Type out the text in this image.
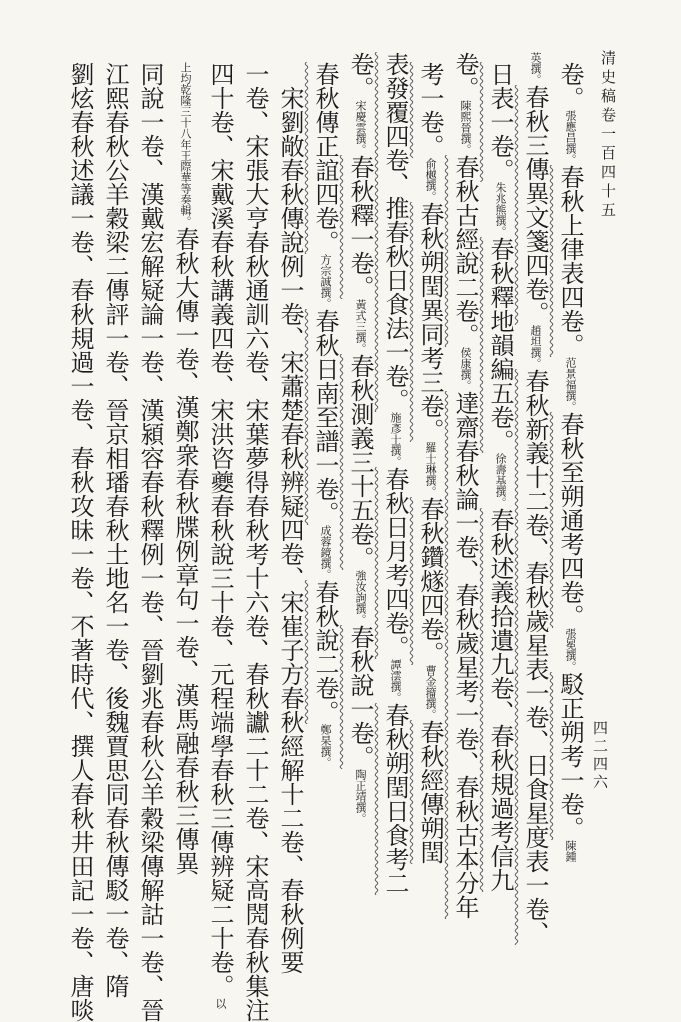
清史稿卷一百四十五
四二四六
卷。張應昌撰。春秋上律表四卷。范景福撰。春秋至朔通考四卷。張冕撰。駁正朔考一卷。陳鍾
英撰。春秋三傳異文箋四卷。趙坦撰。春秋新義十二卷、春秋歲星表一卷、日食星度表一卷、
日表一卷。朱兆熊撰。春秋釋地韻編五卷。徐壽基撰。春秋述義拾遺九卷、春秋規過考信九
卷。陳熙晉撰。春秋古經說二卷。侯康撰。達齋春秋論一卷、春秋歲星考一卷、春秋古本分年
考一卷。俞樾撰。春秋朔閏異同考三卷。羅士琳撰。春秋鑽燧四卷。曹金籀撰。春秋經傳朔閏
表發覆四卷、推春秋日食法一卷。施彥士撰。春秋日月考四卷。譚澐撰。春秋朔閏日食考二
卷。宋慶雲撰。春秋釋一卷。黃式三撰。春秋測義三十五卷。強汝詢撰。春秋說一卷。陶正靖撰。
春秋傳正誼四卷。方宗誠撰。春秋日南至譜一卷。成蓉鏡撰。春秋說二卷。鄭杲撰。
　宋劉敞春秋傳說例一卷、宋蕭楚春秋辨疑四卷、宋崔子方春秋經解十二卷、春秋例要
一卷、宋張大亨春秋通訓六卷、宋葉夢得春秋考十六卷、春秋讞二十二卷、宋高閌春秋集注
四十卷、宋戴溪春秋講義四卷、宋洪咨夔春秋說三十卷、元程端學春秋三傳辨疑二十卷。以
上均乾隆三十八年王際華等奏輯。春秋大傳一卷、漢鄭衆春秋牒例章句一卷、漢馬融春秋三傳異
同說一卷、漢戴宏解疑論一卷、漢潁容春秋釋例一卷、晉劉兆春秋公羊穀梁傳解詁一卷、晉
江熙春秋公羊穀梁二傳評一卷、晉京相璠春秋土地名一卷、後魏賈思同春秋傳駁一卷、隋
劉炫春秋述議一卷、春秋規過一卷、春秋攻昧一卷、不著時代、撰人春秋井田記一卷、唐啖
